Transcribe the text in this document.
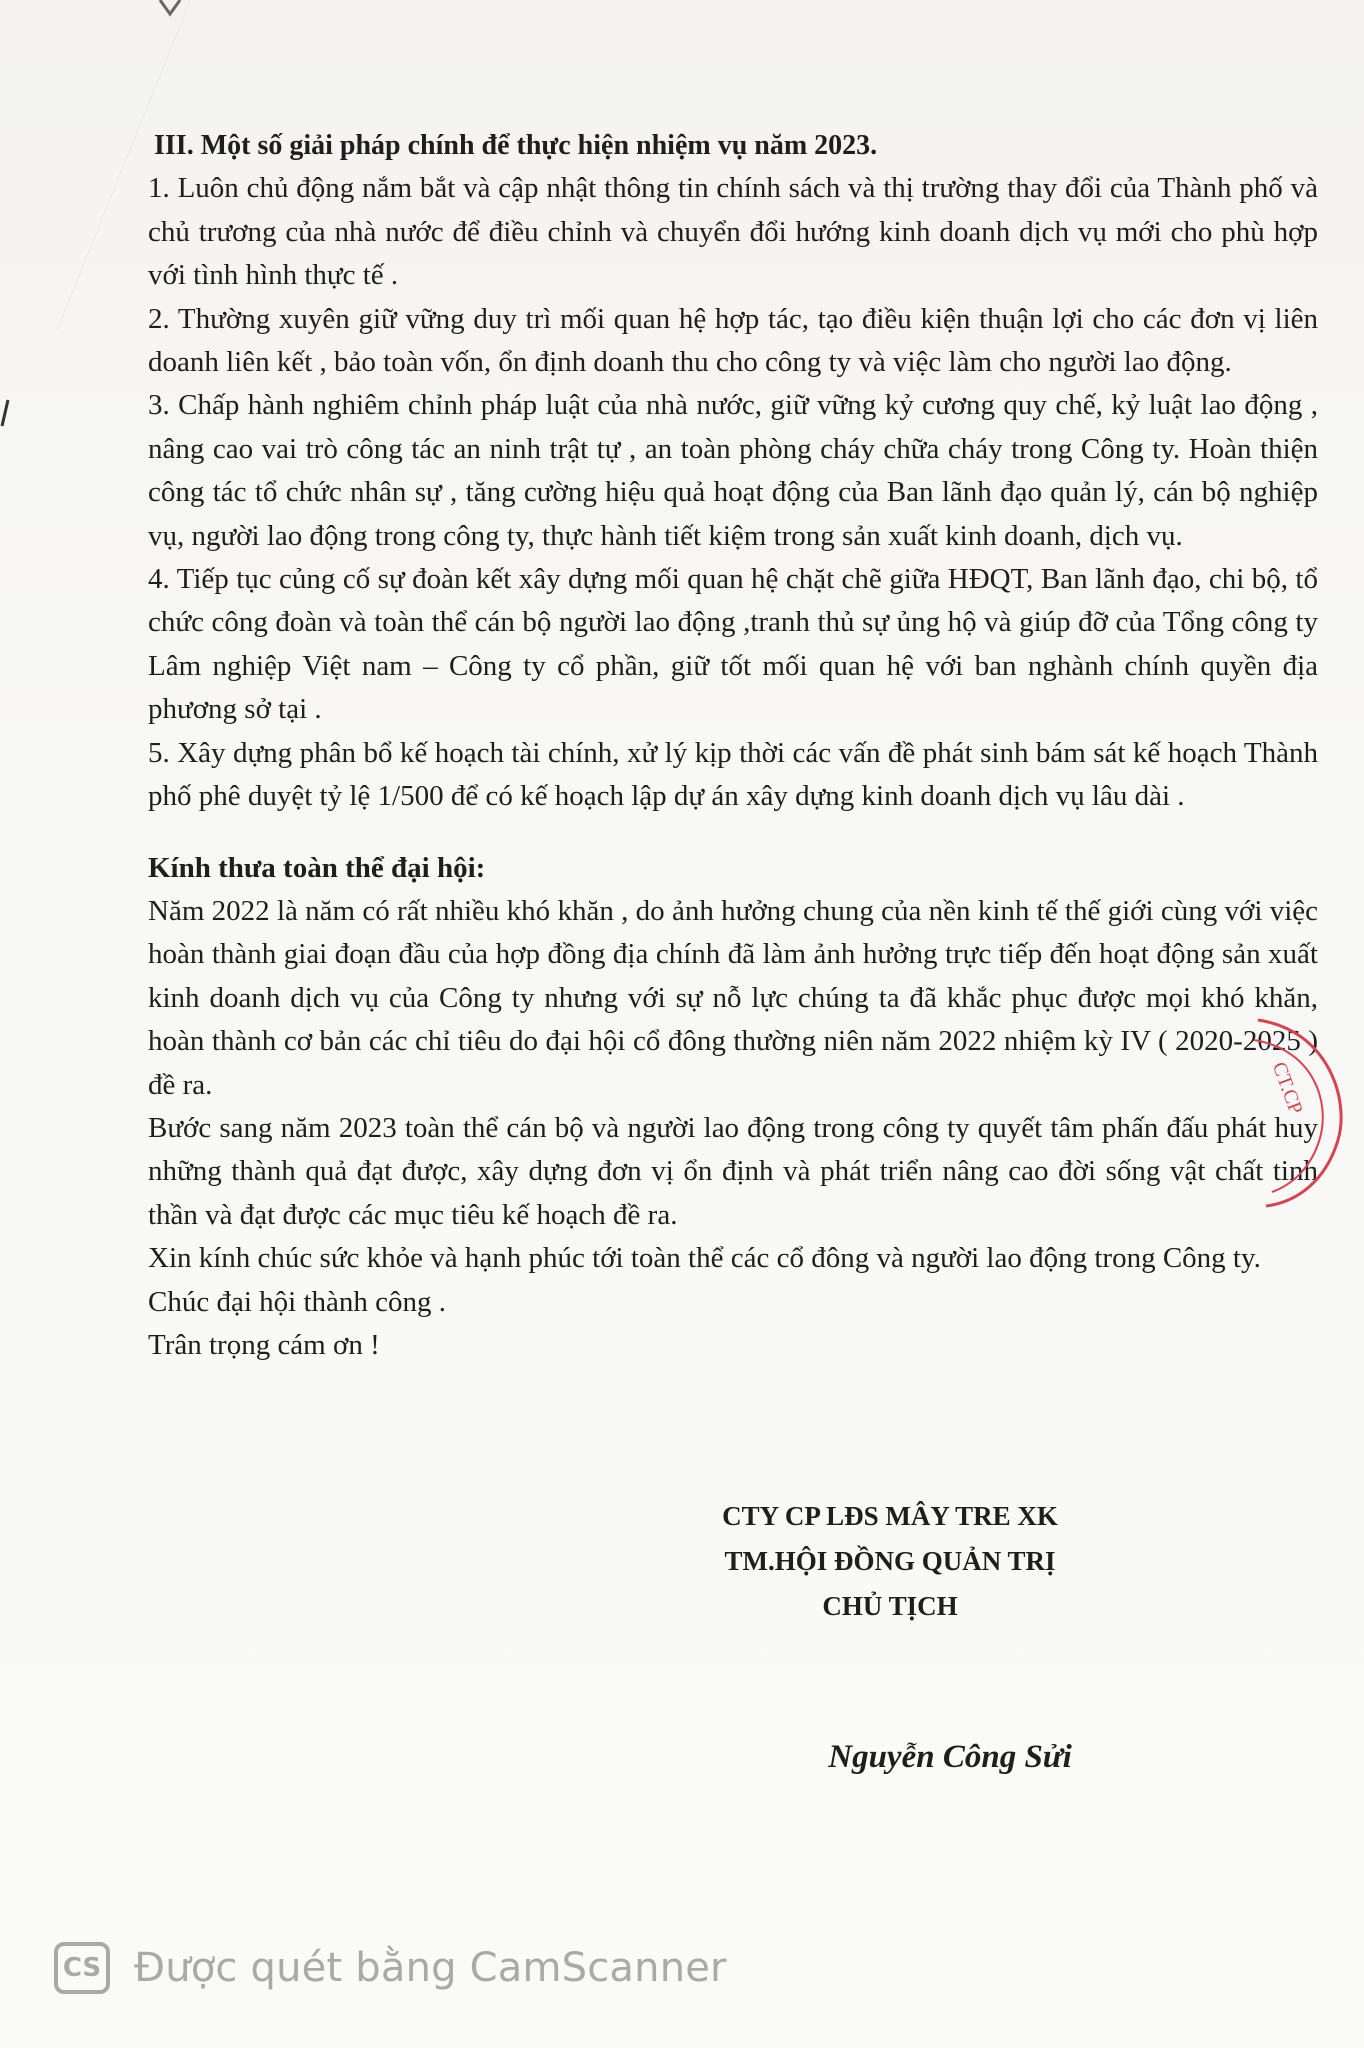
III. Một số giải pháp chính để thực hiện nhiệm vụ năm 2023.

1. Luôn chủ động nắm bắt và cập nhật thông tin chính sách và thị trường thay đổi của Thành phố và chủ trương của nhà nước để điều chỉnh và chuyển đổi hướng kinh doanh dịch vụ mới cho phù hợp với tình hình thực tế .

2. Thường xuyên giữ vững duy trì mối quan hệ hợp tác, tạo điều kiện thuận lợi cho các đơn vị liên doanh liên kết , bảo toàn vốn, ổn định doanh thu cho công ty và việc làm cho người lao động.

3. Chấp hành nghiêm chỉnh pháp luật của nhà nước, giữ vững kỷ cương quy chế, kỷ luật lao động , nâng cao vai trò công tác an ninh trật tự , an toàn phòng cháy chữa cháy trong Công ty. Hoàn thiện công tác tổ chức nhân sự , tăng cường hiệu quả hoạt động của Ban lãnh đạo quản lý, cán bộ nghiệp vụ, người lao động trong công ty, thực hành tiết kiệm trong sản xuất kinh doanh, dịch vụ.

4. Tiếp tục củng cố sự đoàn kết xây dựng mối quan hệ chặt chẽ giữa HĐQT, Ban lãnh đạo, chi bộ, tổ chức công đoàn và toàn thể cán bộ người lao động ,tranh thủ sự ủng hộ và giúp đỡ của Tổng công ty Lâm nghiệp Việt nam – Công ty cổ phần, giữ tốt mối quan hệ với ban nghành chính quyền địa phương sở tại .

5. Xây dựng phân bổ kế hoạch tài chính, xử lý kịp thời các vấn đề phát sinh bám sát kế hoạch Thành phố phê duyệt tỷ lệ 1/500 để có kế hoạch lập dự án xây dựng kinh doanh dịch vụ lâu dài .

Kính thưa toàn thể đại hội:

Năm 2022 là năm có rất nhiều khó khăn , do ảnh hưởng chung của nền kinh tế thế giới cùng với việc hoàn thành giai đoạn đầu của hợp đồng địa chính đã làm ảnh hưởng trực tiếp đến hoạt động sản xuất kinh doanh dịch vụ của Công ty nhưng với sự nỗ lực chúng ta đã khắc phục được mọi khó khăn, hoàn thành cơ bản các chỉ tiêu do đại hội cổ đông thường niên năm 2022 nhiệm kỳ IV ( 2020-2025 ) đề ra.

Bước sang năm 2023 toàn thể cán bộ và người lao động trong công ty quyết tâm phấn đấu phát huy những thành quả đạt được, xây dựng đơn vị ổn định và phát triển nâng cao đời sống vật chất tinh thần và đạt được các mục tiêu kế hoạch đề ra.

Xin kính chúc sức khỏe và hạnh phúc tới toàn thể các cổ đông và người lao động trong Công ty.

Chúc đại hội thành công .

Trân trọng cám ơn !

CT.CP
CTY CP LĐS MÂY TRE XK
TM.HỘI ĐỒNG QUẢN TRỊ
CHỦ TỊCH
Nguyễn Công Sửi
CS Được quét bằng CamScanner
